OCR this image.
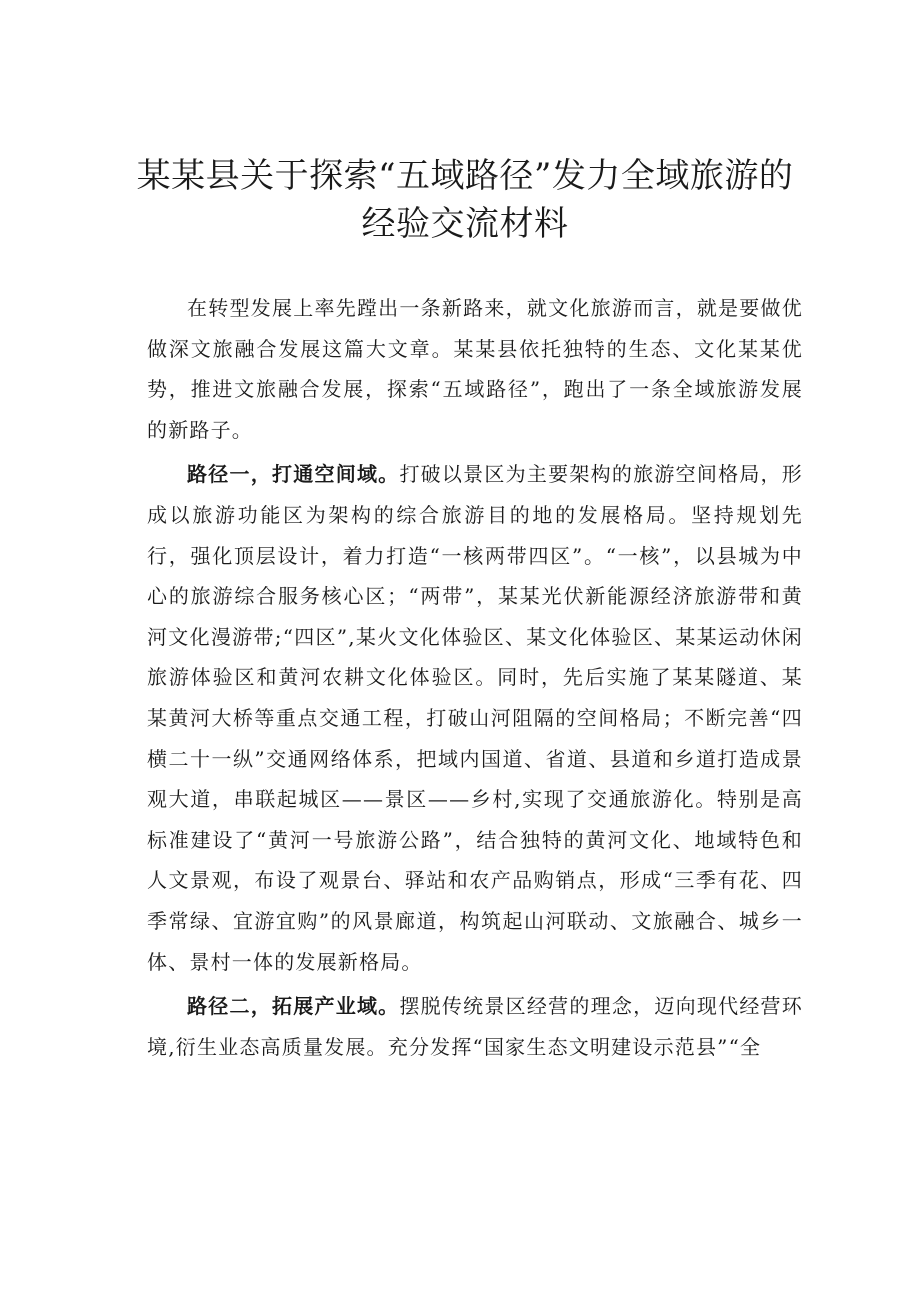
某某县关于探索“五域路径”发力全域旅游的经验交流材料

在转型发展上率先蹚出一条新路来，就文化旅游而言，就是要做优做深文旅融合发展这篇大文章。某某县依托独特的生态、文化某某优势，推进文旅融合发展，探索“五域路径”，跑出了一条全域旅游发展的新路子。

路径一，打通空间域。打破以景区为主要架构的旅游空间格局，形成以旅游功能区为架构的综合旅游目的地的发展格局。坚持规划先行，强化顶层设计，着力打造“一核两带四区”。“一核”，以县城为中心的旅游综合服务核心区；“两带”，某某光伏新能源经济旅游带和黄河文化漫游带;“四区”,某火文化体验区、某文化体验区、某某运动休闲旅游体验区和黄河农耕文化体验区。同时，先后实施了某某隧道、某某黄河大桥等重点交通工程，打破山河阻隔的空间格局；不断完善“四横二十一纵”交通网络体系，把域内国道、省道、县道和乡道打造成景观大道，串联起城区——景区——乡村,实现了交通旅游化。特别是高标准建设了“黄河一号旅游公路”，结合独特的黄河文化、地域特色和人文景观，布设了观景台、驿站和农产品购销点，形成“三季有花、四季常绿、宜游宜购”的风景廊道，构筑起山河联动、文旅融合、城乡一体、景村一体的发展新格局。

路径二，拓展产业域。摆脱传统景区经营的理念，迈向现代经营环境,衍生业态高质量发展。充分发挥“国家生态文明建设示范县”“全
